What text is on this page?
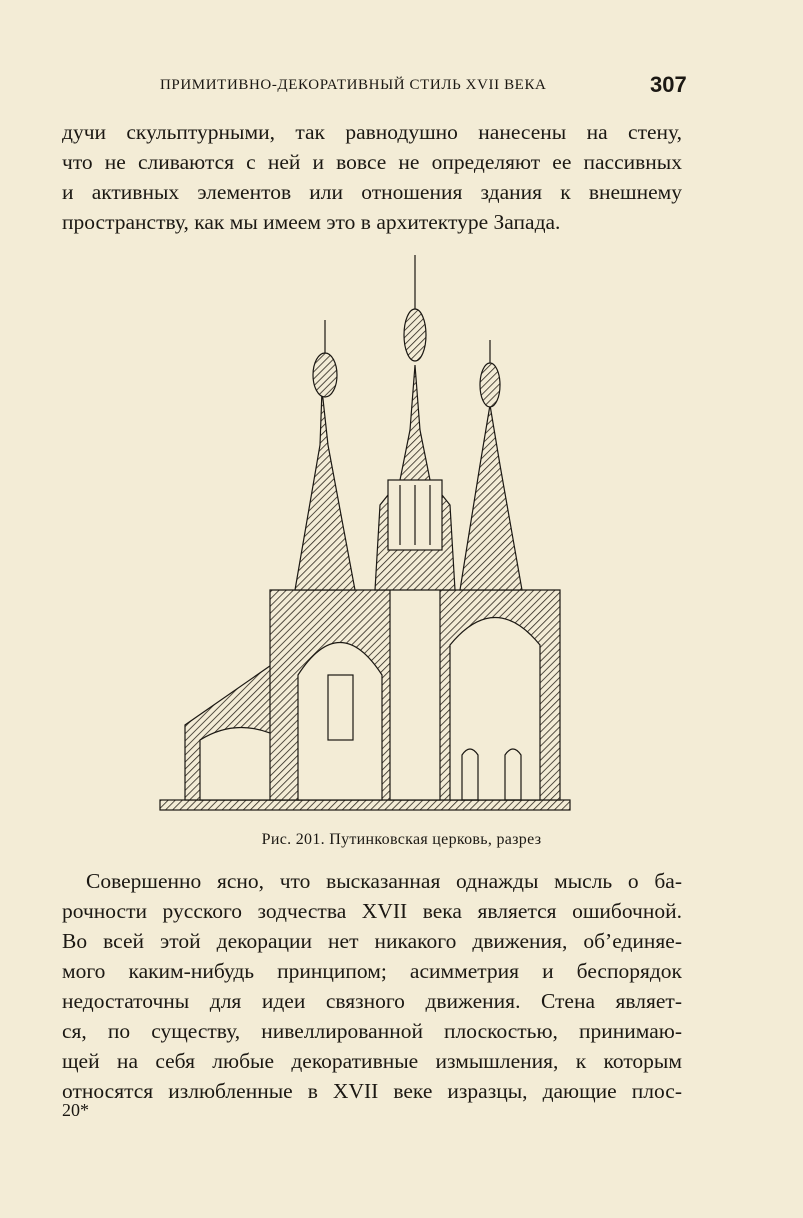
ПРИМИТИВНО-ДЕКОРАТИВНЫЙ СТИЛЬ XVII ВЕКА	307
дучи скульптурными, так равнодушно нанесены на стену,
что не сливаются с ней и вовсе не определяют ее пассивных
и активных элементов или отношения здания к внешнему
пространству, как мы имеем это в архитектуре Запада.
Рис. 201. Путинковская церковь, разрез
Совершенно ясно, что высказанная однажды мысль о ба-
рочности русского зодчества XVII века является ошибочной.
Во всей этой декорации нет никакого движения, об’единяе-
мого каким-нибудь принципом; асимметрия и беспорядок
недостаточны для идеи связного движения. Стена являет-
ся, по существу, нивеллированной плоскостью, принимаю-
щей на себя любые декоративные измышления, к которым
относятся излюбленные в XVII веке изразцы, дающие плос-
20*
